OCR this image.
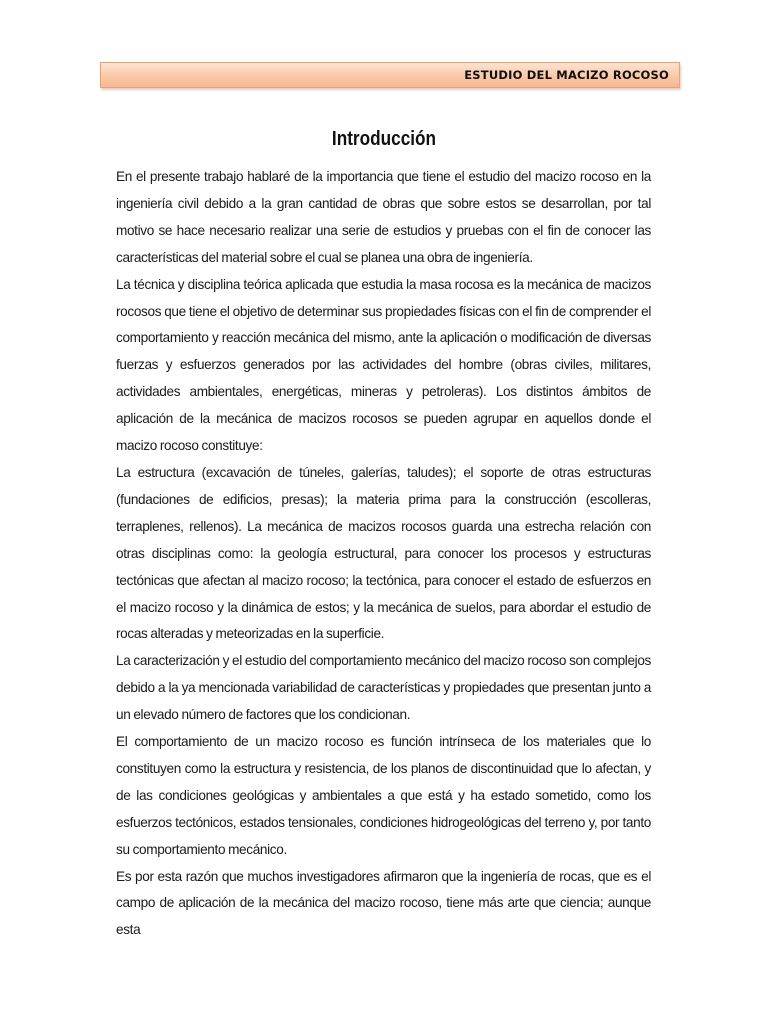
ESTUDIO DEL MACIZO ROCOSO
Introducción

En el presente trabajo hablaré de la importancia que tiene el estudio del macizo rocoso en la ingeniería civil debido a la gran cantidad de obras que sobre estos se desarrollan, por tal motivo se hace necesario realizar una serie de estudios y pruebas con el fin de conocer las características del material sobre el cual se planea una obra de ingeniería.

La técnica y disciplina teórica aplicada que estudia la masa rocosa es la mecánica de macizos rocosos que tiene el objetivo de determinar sus propiedades físicas con el fin de comprender el comportamiento y reacción mecánica del mismo, ante la aplicación o modificación de diversas fuerzas y esfuerzos generados por las actividades del hombre (obras civiles, militares, actividades ambientales, energéticas, mineras y petroleras). Los distintos ámbitos de aplicación de la mecánica de macizos rocosos se pueden agrupar en aquellos donde el macizo rocoso constituye:

La estructura (excavación de túneles, galerías, taludes); el soporte de otras estructuras (fundaciones de edificios, presas); la materia prima para la construcción (escolleras, terraplenes, rellenos). La mecánica de macizos rocosos guarda una estrecha relación con otras disciplinas como: la geología estructural, para conocer los procesos y estructuras tectónicas que afectan al macizo rocoso; la tectónica, para conocer el estado de esfuerzos en el macizo rocoso y la dinámica de estos; y la mecánica de suelos, para abordar el estudio de rocas alteradas y meteorizadas en la superficie.

La caracterización y el estudio del comportamiento mecánico del macizo rocoso son complejos debido a la ya mencionada variabilidad de características y propiedades que presentan junto a un elevado número de factores que los condicionan.

El comportamiento de un macizo rocoso es función intrínseca de los materiales que lo constituyen como la estructura y resistencia, de los planos de discontinuidad que lo afectan, y de las condiciones geológicas y ambientales a que está y ha estado sometido, como los esfuerzos tectónicos, estados tensionales, condiciones hidrogeológicas del terreno y, por tanto su comportamiento mecánico.

Es por esta razón que muchos investigadores afirmaron que la ingeniería de rocas, que es el campo de aplicación de la mecánica del macizo rocoso, tiene más arte que ciencia; aunque esta
